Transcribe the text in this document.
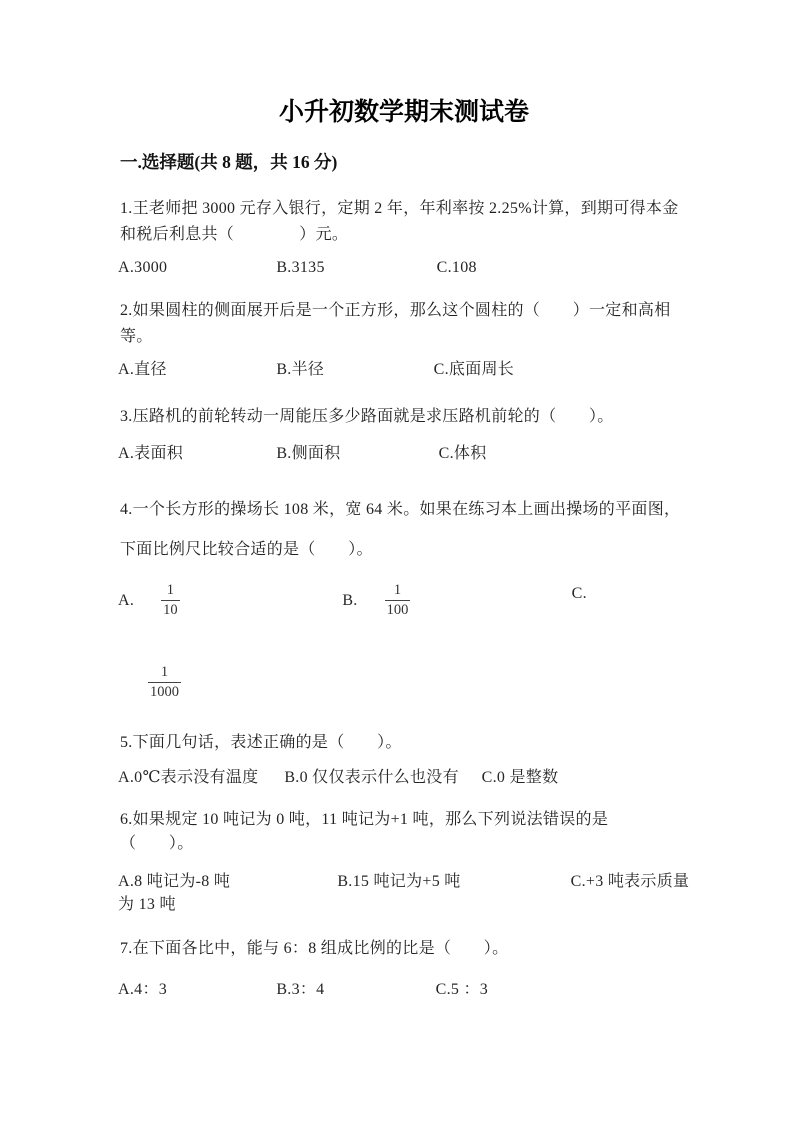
小升初数学期末测试卷
一.选择题(共 8 题，共 16 分)

1.王老师把 3000 元存入银行，定期 2 年，年利率按 2.25%计算，到期可得本金
和税后利息共（　　　　）元。

A.3000	B.3135	C.108

2.如果圆柱的侧面展开后是一个正方形，那么这个圆柱的（　　）一定和高相
等。

A.直径	B.半径	C.底面周长

3.压路机的前轮转动一周能压多少路面就是求压路机前轮的（　　）。

A.表面积	B.侧面积	C.体积

4.一个长方形的操场长 108 米，宽 64 米。如果在练习本上画出操场的平面图，
下面比例尺比较合适的是（　　）。

A. $\frac{1}{10}$
	B. $\frac{1}{100}$	C.
$\frac{1}{1000}$

5.下面几句话，表述正确的是（　　）。

A.0℃表示没有温度 B.0 仅仅表示什么也没有 C.0 是整数

6.如果规定 10 吨记为 0 吨，11 吨记为+1 吨，那么下列说法错误的是
（　　）。

A.8 吨记为-8 吨	B.15 吨记为+5 吨	C.+3 吨表示质量为 13 吨

7.在下面各比中，能与 6：8 组成比例的比是（　　）。

A.4：3	B.3：4	C.5 ：3
